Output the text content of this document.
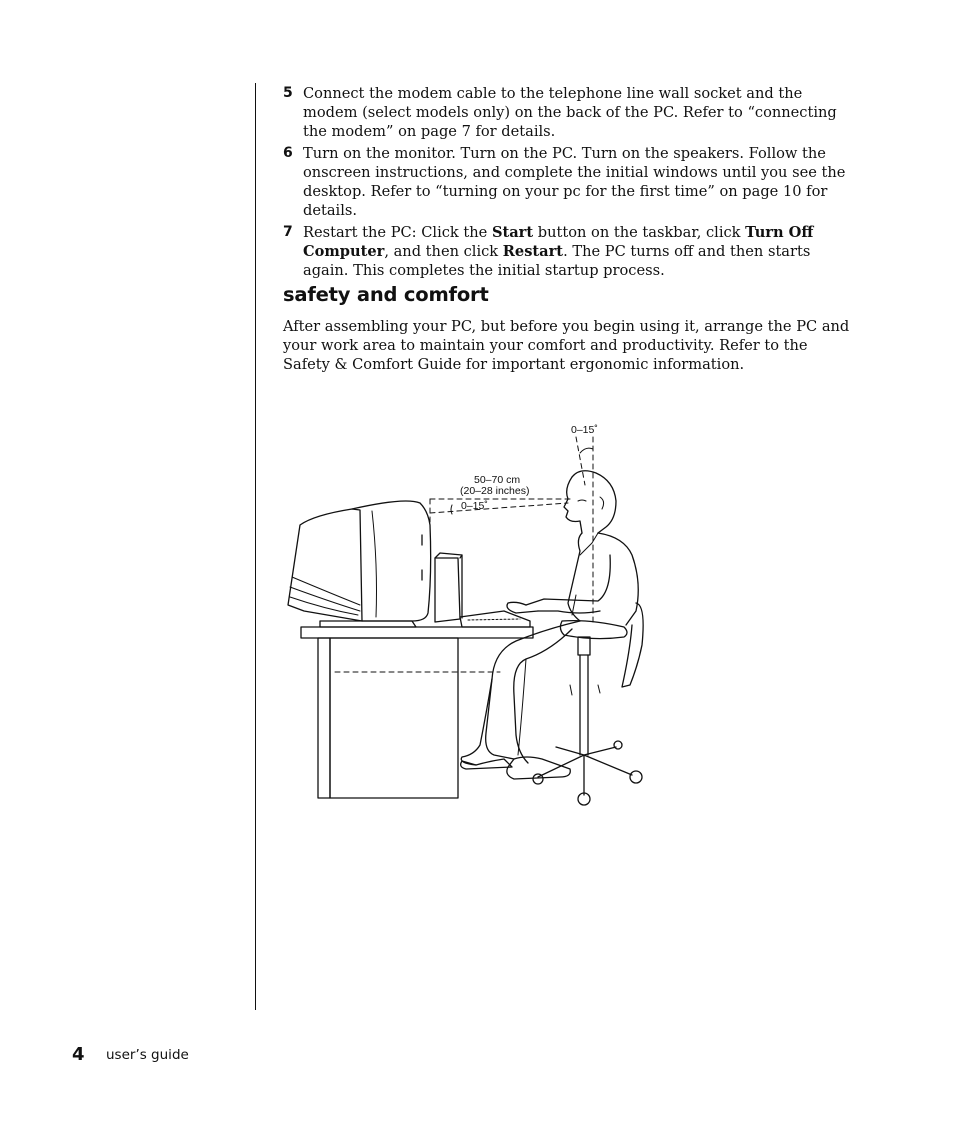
5 Connect the modem cable to the telephone line wall socket and the modem (select models only) on the back of the PC. Refer to “connecting the modem” on page 7 for details.
6 Turn on the monitor. Turn on the PC. Turn on the speakers. Follow the onscreen instructions, and complete the initial windows until you see the desktop. Refer to “turning on your pc for the first time” on page 10 for details.
7 Restart the PC: Click the Start button on the taskbar, click Turn Off Computer, and then click Restart. The PC turns off and then starts again. This completes the initial startup process.
safety and comfort

After assembling your PC, but before you begin using it, arrange the PC and your work area to maintain your comfort and productivity. Refer to the Safety & Comfort Guide for important ergonomic information.

0–15˚
50–70 cm
(20–28 inches)
0–15˚
4 user’s guide
